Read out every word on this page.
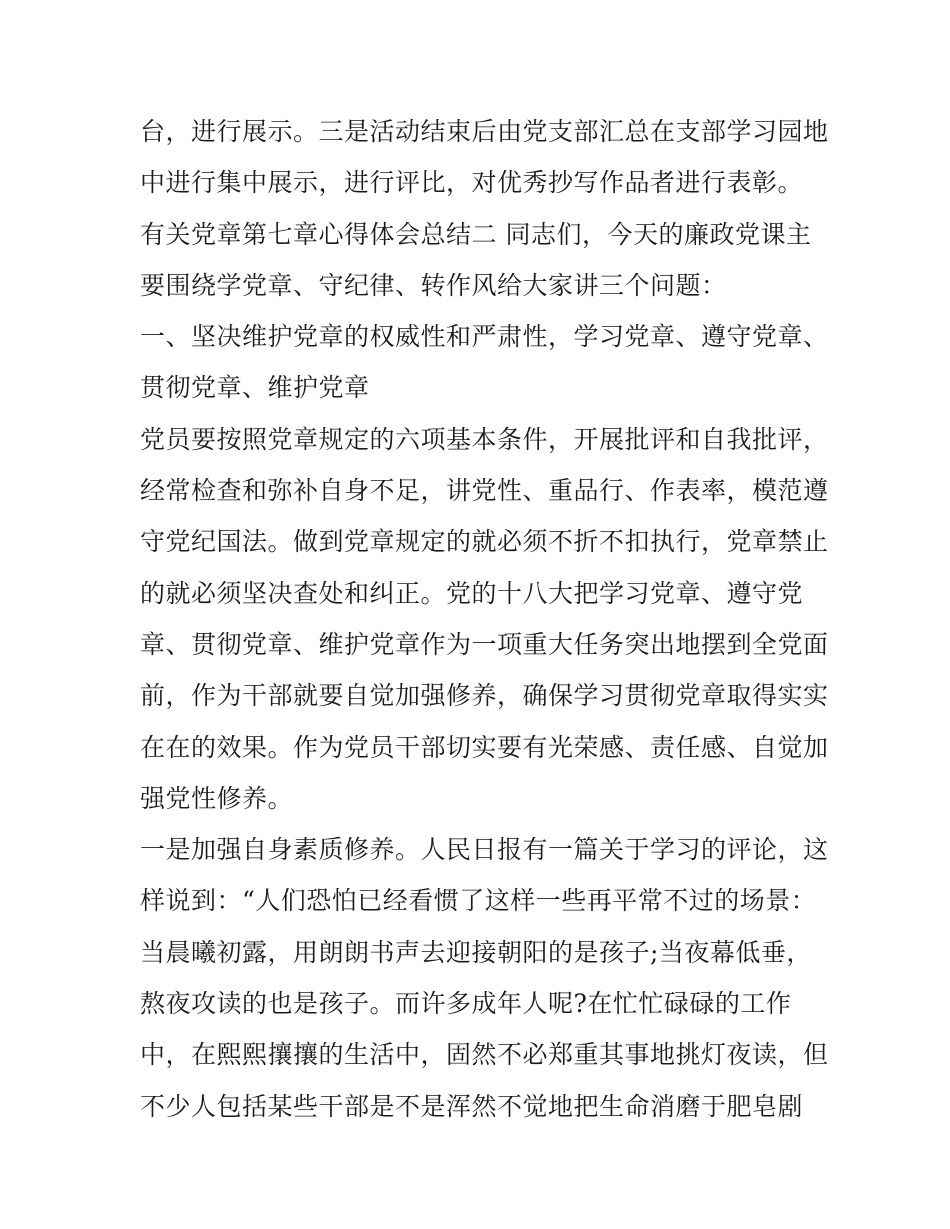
台，进行展示。三是活动结束后由党支部汇总在支部学习园地
中进行集中展示，进行评比，对优秀抄写作品者进行表彰。
有关党章第七章心得体会总结二 同志们，今天的廉政党课主
要围绕学党章、守纪律、转作风给大家讲三个问题：
一、坚决维护党章的权威性和严肃性，学习党章、遵守党章、
贯彻党章、维护党章
党员要按照党章规定的六项基本条件，开展批评和自我批评，
经常检查和弥补自身不足，讲党性、重品行、作表率，模范遵
守党纪国法。做到党章规定的就必须不折不扣执行，党章禁止
的就必须坚决查处和纠正。党的十八大把学习党章、遵守党
章、贯彻党章、维护党章作为一项重大任务突出地摆到全党面
前，作为干部就要自觉加强修养，确保学习贯彻党章取得实实
在在的效果。作为党员干部切实要有光荣感、责任感、自觉加
强党性修养。
一是加强自身素质修养。人民日报有一篇关于学习的评论，这
样说到：“人们恐怕已经看惯了这样一些再平常不过的场景：
当晨曦初露，用朗朗书声去迎接朝阳的是孩子;当夜幕低垂，
熬夜攻读的也是孩子。而许多成年人呢?在忙忙碌碌的工作
中，在熙熙攘攘的生活中，固然不必郑重其事地挑灯夜读，但
不少人包括某些干部是不是浑然不觉地把生命消磨于肥皂剧
